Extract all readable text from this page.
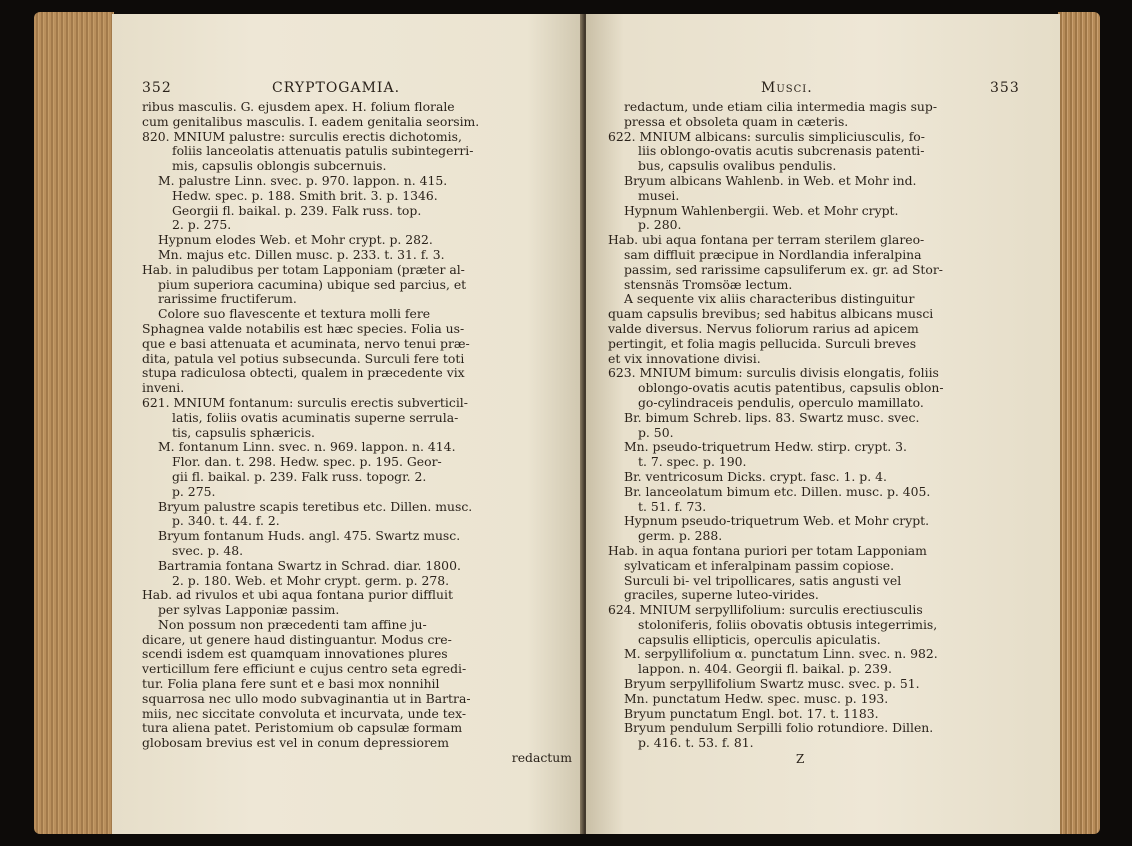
352	CRYPTOGAMIA.
ribus masculis. G. ejusdem apex. H. folium florale
cum genitalibus masculis. I. eadem genitalia seorsim.
820. MNIUM palustre: surculis erectis dichotomis,
foliis lanceolatis attenuatis patulis subintegerri-
mis, capsulis oblongis subcernuis.
M. palustre Linn. svec. p. 970. lappon. n. 415.
Hedw. spec. p. 188. Smith brit. 3. p. 1346.
Georgii fl. baikal. p. 239. Falk russ. top.
2. p. 275.
Hypnum elodes Web. et Mohr crypt. p. 282.
Mn. majus etc. Dillen musc. p. 233. t. 31. f. 3.
Hab. in paludibus per totam Lapponiam (præter al-
pium superiora cacumina) ubique sed parcius, et
rarissime fructiferum.
Colore suo flavescente et textura molli fere
Sphagnea valde notabilis est hæc species. Folia us-
que e basi attenuata et acuminata, nervo tenui præ-
dita, patula vel potius subsecunda. Surculi fere toti
stupa radiculosa obtecti, qualem in præcedente vix
inveni.
621. MNIUM fontanum: surculis erectis subverticil-
latis, foliis ovatis acuminatis superne serrula-
tis, capsulis sphæricis.
M. fontanum Linn. svec. n. 969. lappon. n. 414.
Flor. dan. t. 298. Hedw. spec. p. 195. Geor-
gii fl. baikal. p. 239. Falk russ. topogr. 2.
p. 275.
Bryum palustre scapis teretibus etc. Dillen. musc.
p. 340. t. 44. f. 2.
Bryum fontanum Huds. angl. 475. Swartz musc.
svec. p. 48.
Bartramia fontana Swartz in Schrad. diar. 1800.
2. p. 180. Web. et Mohr crypt. germ. p. 278.
Hab. ad rivulos et ubi aqua fontana purior diffluit
per sylvas Lapponiæ passim.
Non possum non præcedenti tam affine ju-
dicare, ut genere haud distinguantur. Modus cre-
scendi isdem est quamquam innovationes plures
verticillum fere efficiunt e cujus centro seta egredi-
tur. Folia plana fere sunt et e basi mox nonnihil
squarrosa nec ullo modo subvaginantia ut in Bartra-
miis, nec siccitate convoluta et incurvata, unde tex-
tura aliena patet. Peristomium ob capsulæ formam
globosam brevius est vel in conum depressiorem
redactum
Musci.	353
redactum, unde etiam cilia intermedia magis sup-
pressa et obsoleta quam in cæteris.
622. MNIUM albicans: surculis simpliciusculis, fo-
liis oblongo-ovatis acutis subcrenasis patenti-
bus, capsulis ovalibus pendulis.
Bryum albicans Wahlenb. in Web. et Mohr ind.
musei.
Hypnum Wahlenbergii. Web. et Mohr crypt.
p. 280.
Hab. ubi aqua fontana per terram sterilem glareo-
sam diffluit præcipue in Nordlandia inferalpina
passim, sed rarissime capsuliferum ex. gr. ad Stor-
stensnäs Tromsöæ lectum.
A sequente vix aliis characteribus distinguitur
quam capsulis brevibus; sed habitus albicans musci
valde diversus. Nervus foliorum rarius ad apicem
pertingit, et folia magis pellucida. Surculi breves
et vix innovatione divisi.
623. MNIUM bimum: surculis divisis elongatis, foliis
oblongo-ovatis acutis patentibus, capsulis oblon-
go-cylindraceis pendulis, operculo mamillato.
Br. bimum Schreb. lips. 83. Swartz musc. svec.
p. 50.
Mn. pseudo-triquetrum Hedw. stirp. crypt. 3.
t. 7. spec. p. 190.
Br. ventricosum Dicks. crypt. fasc. 1. p. 4.
Br. lanceolatum bimum etc. Dillen. musc. p. 405.
t. 51. f. 73.
Hypnum pseudo-triquetrum Web. et Mohr crypt.
germ. p. 288.
Hab. in aqua fontana puriori per totam Lapponiam
sylvaticam et inferalpinam passim copiose.
Surculi bi- vel tripollicares, satis angusti vel
graciles, superne luteo-virides.
624. MNIUM serpyllifolium: surculis erectiusculis
stoloniferis, foliis obovatis obtusis integerrimis,
capsulis ellipticis, operculis apiculatis.
M. serpyllifolium α. punctatum Linn. svec. n. 982.
lappon. n. 404. Georgii fl. baikal. p. 239.
Bryum serpyllifolium Swartz musc. svec. p. 51.
Mn. punctatum Hedw. spec. musc. p. 193.
Bryum punctatum Engl. bot. 17. t. 1183.
Bryum pendulum Serpilli folio rotundiore. Dillen.
p. 416. t. 53. f. 81.
Z
